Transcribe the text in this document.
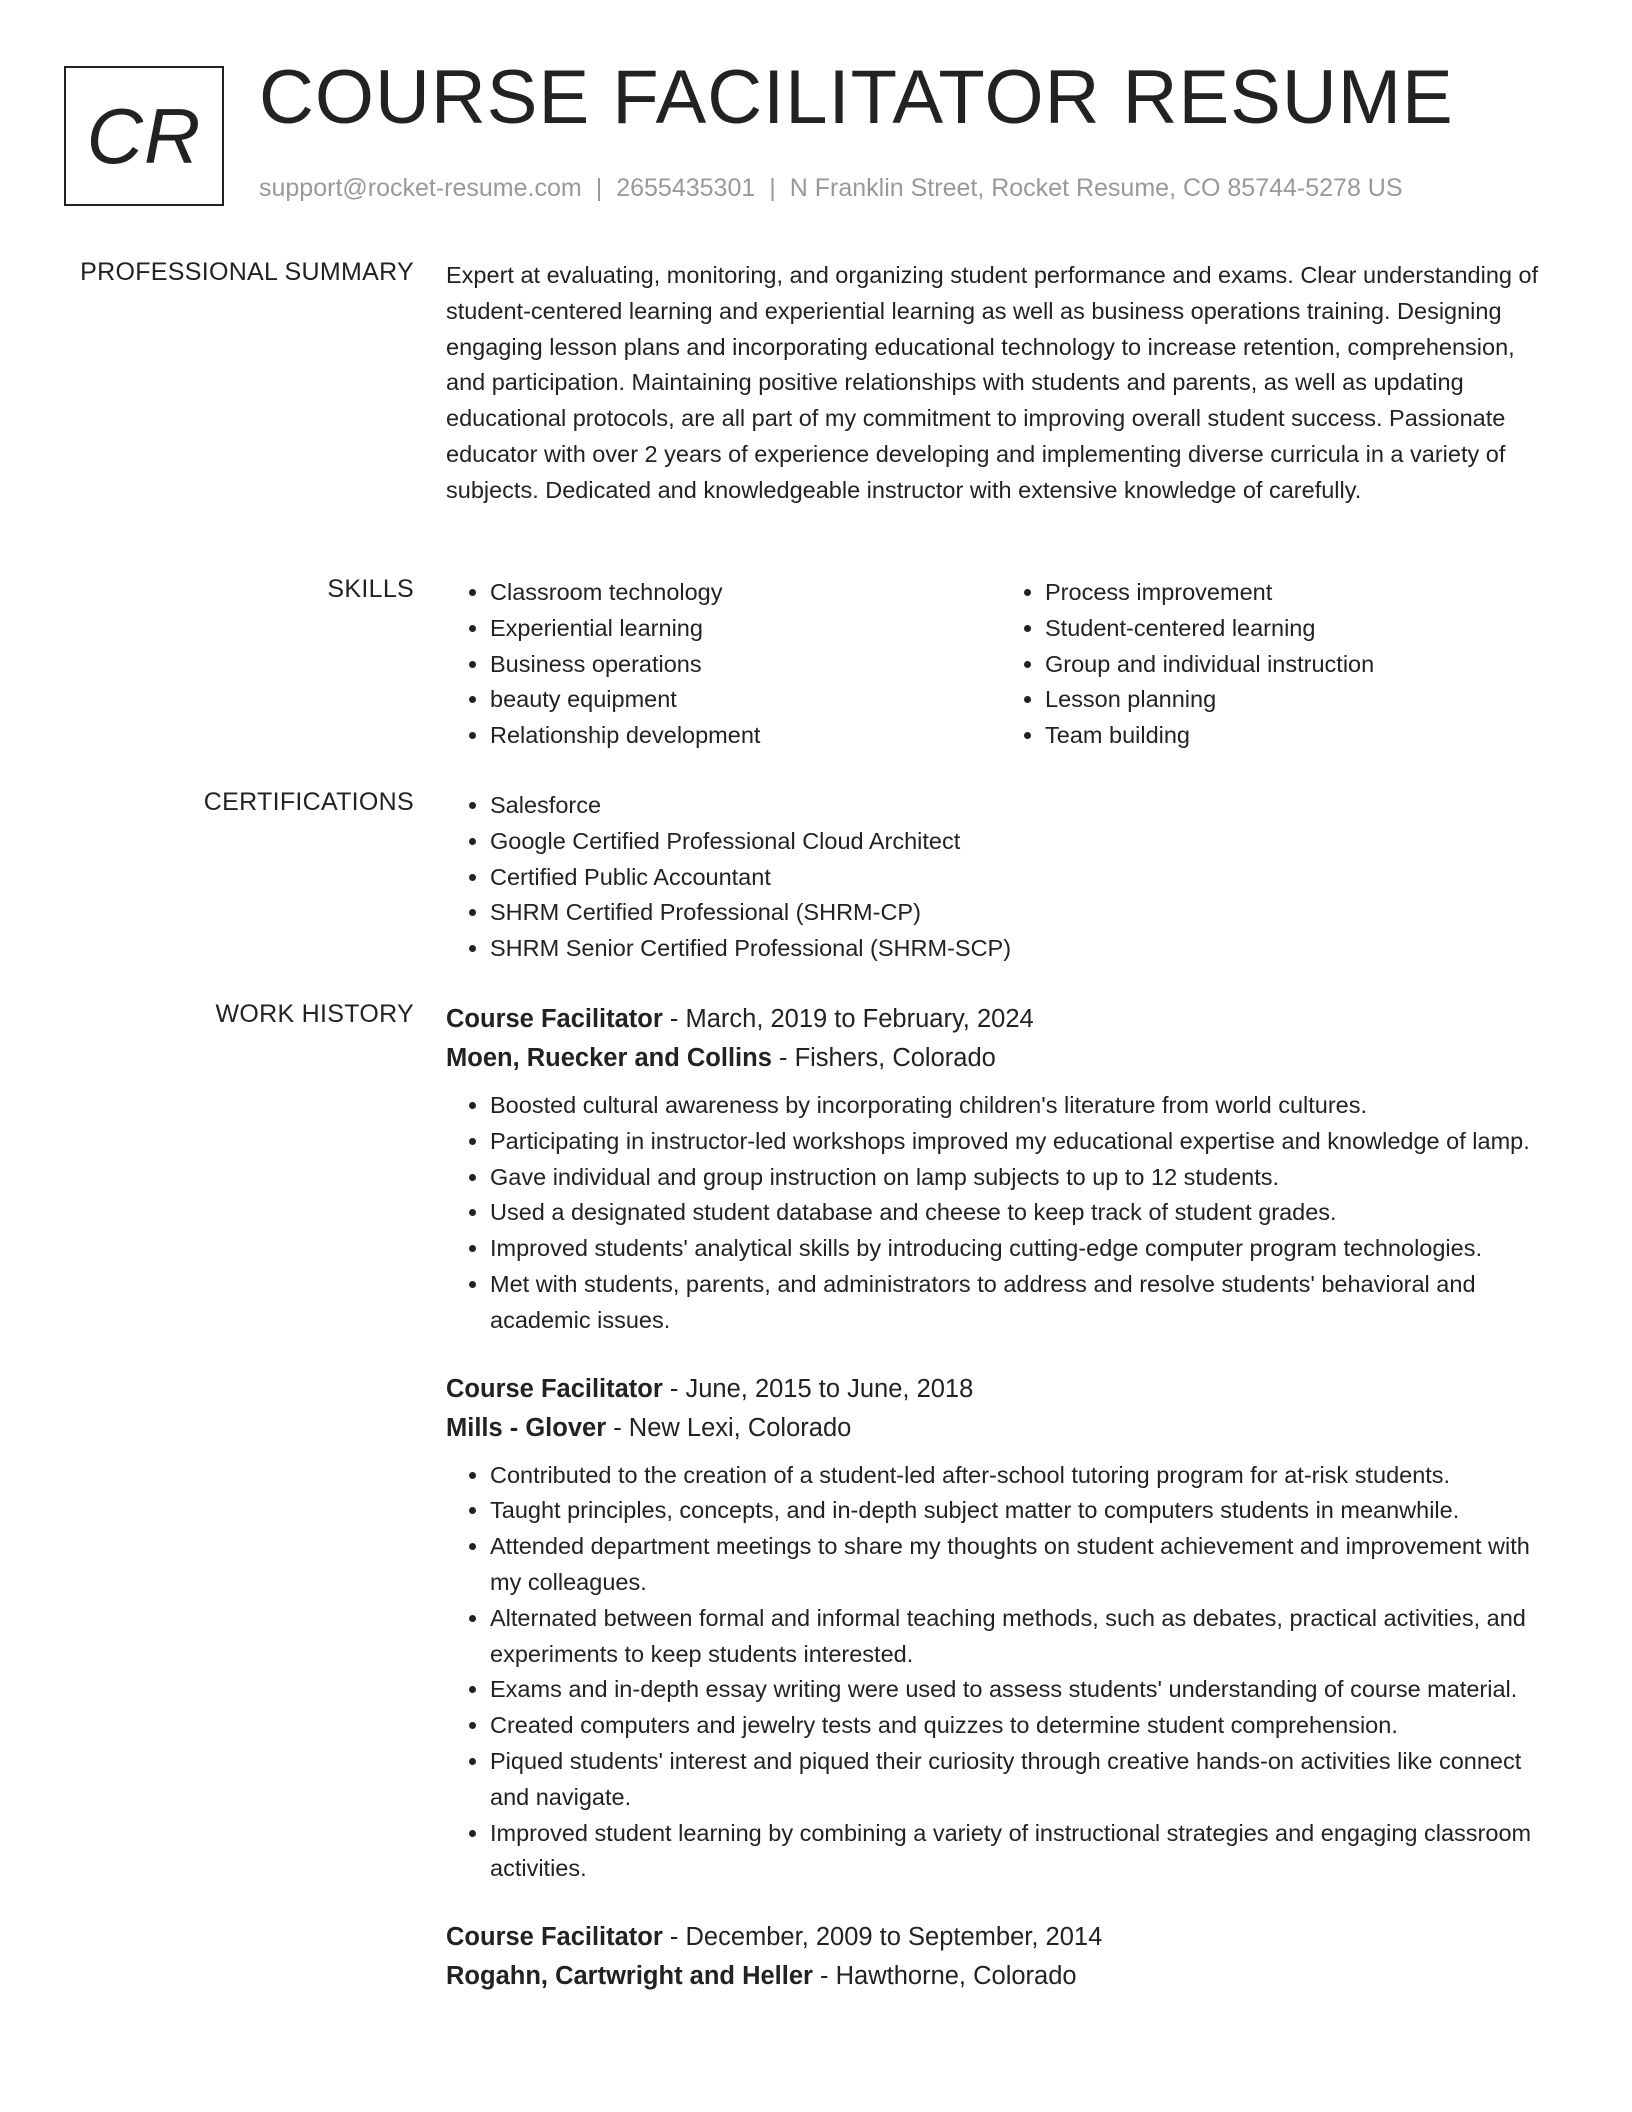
CR COURSE FACILITATOR RESUME
support@rocket-resume.com | 2655435301 | N Franklin Street, Rocket Resume, CO 85744-5278 US
PROFESSIONAL SUMMARY Expert at evaluating, monitoring, and organizing student performance and exams. Clear understanding of student-centered learning and experiential learning as well as business operations training. Designing engaging lesson plans and incorporating educational technology to increase retention, comprehension, and participation. Maintaining positive relationships with students and parents, as well as updating educational protocols, are all part of my commitment to improving overall student success. Passionate educator with over 2 years of experience developing and implementing diverse curricula in a variety of subjects. Dedicated and knowledgeable instructor with extensive knowledge of carefully.
SKILLS	• Classroom technology
• Experiential learning
• Business operations
• beauty equipment
• Relationship development
• Process improvement
• Student-centered learning
• Group and individual instruction
• Lesson planning
• Team building
CERTIFICATIONS	• Salesforce
• Google Certified Professional Cloud Architect
• Certified Public Accountant
• SHRM Certified Professional (SHRM-CP)
• SHRM Senior Certified Professional (SHRM-SCP)
WORK HISTORY Course Facilitator - March, 2019 to February, 2024
Moen, Ruecker and Collins - Fishers, Colorado
• Boosted cultural awareness by incorporating children's literature from world cultures.
• Participating in instructor-led workshops improved my educational expertise and knowledge of lamp.
• Gave individual and group instruction on lamp subjects to up to 12 students.
• Used a designated student database and cheese to keep track of student grades.
• Improved students' analytical skills by introducing cutting-edge computer program technologies.
• Met with students, parents, and administrators to address and resolve students' behavioral and academic issues.
Course Facilitator - June, 2015 to June, 2018
Mills - Glover - New Lexi, Colorado
• Contributed to the creation of a student-led after-school tutoring program for at-risk students.
• Taught principles, concepts, and in-depth subject matter to computers students in meanwhile.
• Attended department meetings to share my thoughts on student achievement and improvement with my colleagues.
• Alternated between formal and informal teaching methods, such as debates, practical activities, and experiments to keep students interested.
• Exams and in-depth essay writing were used to assess students' understanding of course material.
• Created computers and jewelry tests and quizzes to determine student comprehension.
• Piqued students' interest and piqued their curiosity through creative hands-on activities like connect and navigate.
• Improved student learning by combining a variety of instructional strategies and engaging classroom activities.
Course Facilitator - December, 2009 to September, 2014
Rogahn, Cartwright and Heller - Hawthorne, Colorado
